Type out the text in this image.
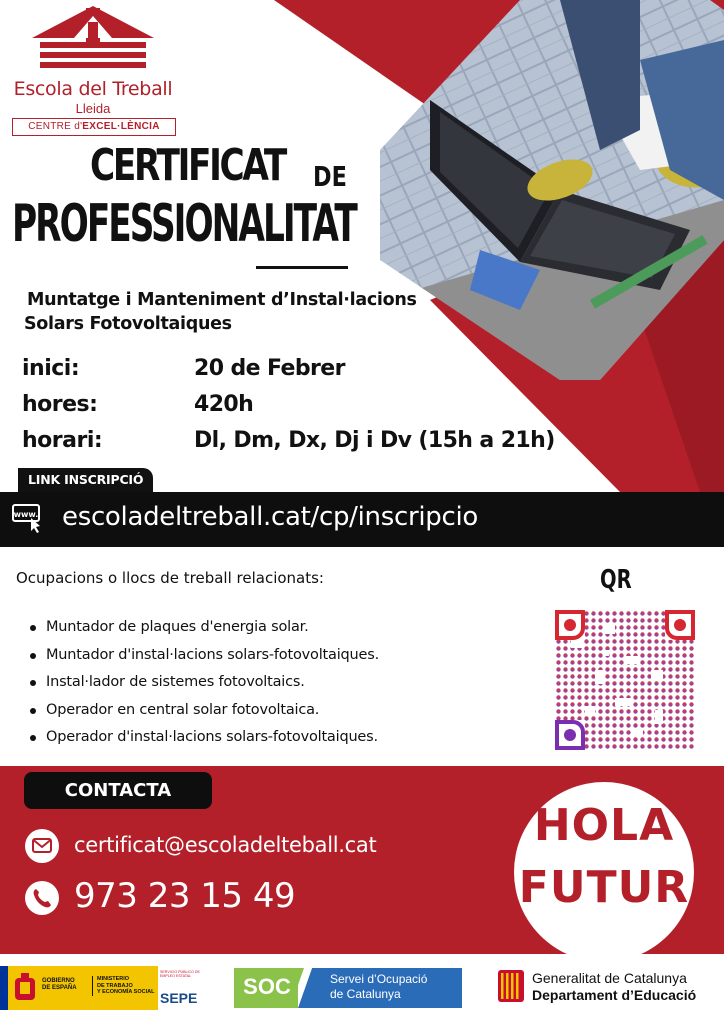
Escola del Treball
Lleida
CENTRE d'EXCEL·LÈNCIA
CERTIFICAT DE
PROFESSIONALITAT
Muntatge i Manteniment d’Instal·lacions
Solars Fotovoltaiques
inici:	20 de Febrer
hores:	420h
horari:	Dl, Dm, Dx, Dj i Dv (15h a 21h)
LINK INSCRIPCIÓ
www. escoladeltreball.cat/cp/inscripcio
Ocupacions o llocs de treball relacionats:
Muntador de plaques d'energia solar.
Muntador d'instal·lacions solars-fotovoltaiques.
Instal·lador de sistemes fotovoltaics.
Operador en central solar fotovoltaica.
Operador d'instal·lacions solars-fotovoltaiques.
QR
CONTACTA
certificat@escoladelteball.cat
973 23 15 49
HOLA
FUTUR
GOBIERNO
DE ESPAÑA
MINISTERIO
DE TRABAJO
Y ECONOMÍA SOCIAL
SERVICIO PÚBLICO DE EMPLEO ESTATAL
SEPE	SOC	Servei d’Ocupació
de Catalunya
Generalitat de Catalunya
Departament d’Educació
